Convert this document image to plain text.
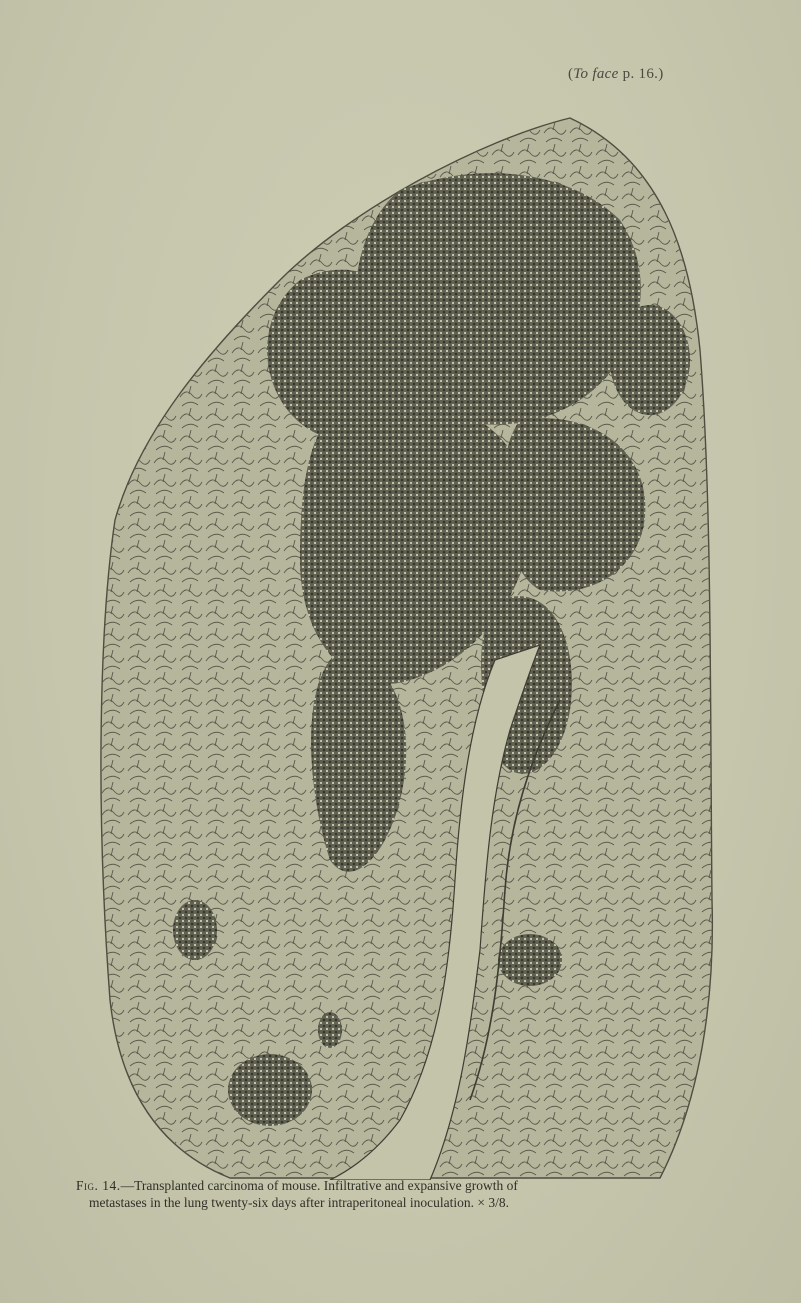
(To face p. 16.)
Fig. 14.—Transplanted carcinoma of mouse. Infiltrative and expansive growth of
metastases in the lung twenty-six days after intraperitoneal inoculation. × 3/8.
